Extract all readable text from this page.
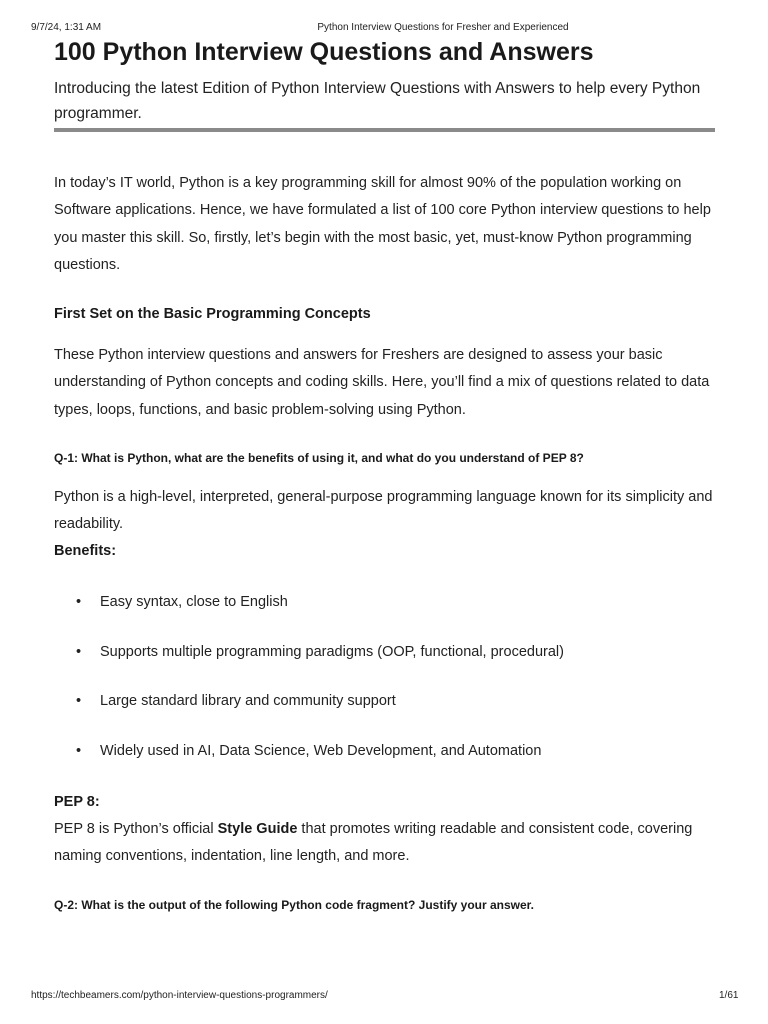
9/7/24, 1:31 AM	Python Interview Questions for Fresher and Experienced
100 Python Interview Questions and Answers

Introducing the latest Edition of Python Interview Questions with Answers to help every Python programmer.

In today’s IT world, Python is a key programming skill for almost 90% of the population working on Software applications. Hence, we have formulated a list of 100 core Python interview questions to help you master this skill. So, firstly, let’s begin with the most basic, yet, must-know Python programming questions.

First Set on the Basic Programming Concepts

These Python interview questions and answers for Freshers are designed to assess your basic understanding of Python concepts and coding skills. Here, you’ll find a mix of questions related to data types, loops, functions, and basic problem-solving using Python.

Q-1: What is Python, what are the benefits of using it, and what do you understand of PEP 8?

Python is a high-level, interpreted, general-purpose programming language known for its simplicity and readability.

Benefits:
• Easy syntax, close to English
• Supports multiple programming paradigms (OOP, functional, procedural)
• Large standard library and community support
• Widely used in AI, Data Science, Web Development, and Automation
PEP 8:

PEP 8 is Python’s official Style Guide that promotes writing readable and consistent code, covering naming conventions, indentation, line length, and more.

Q-2: What is the output of the following Python code fragment? Justify your answer.
https://techbeamers.com/python-interview-questions-programmers/	1/61
